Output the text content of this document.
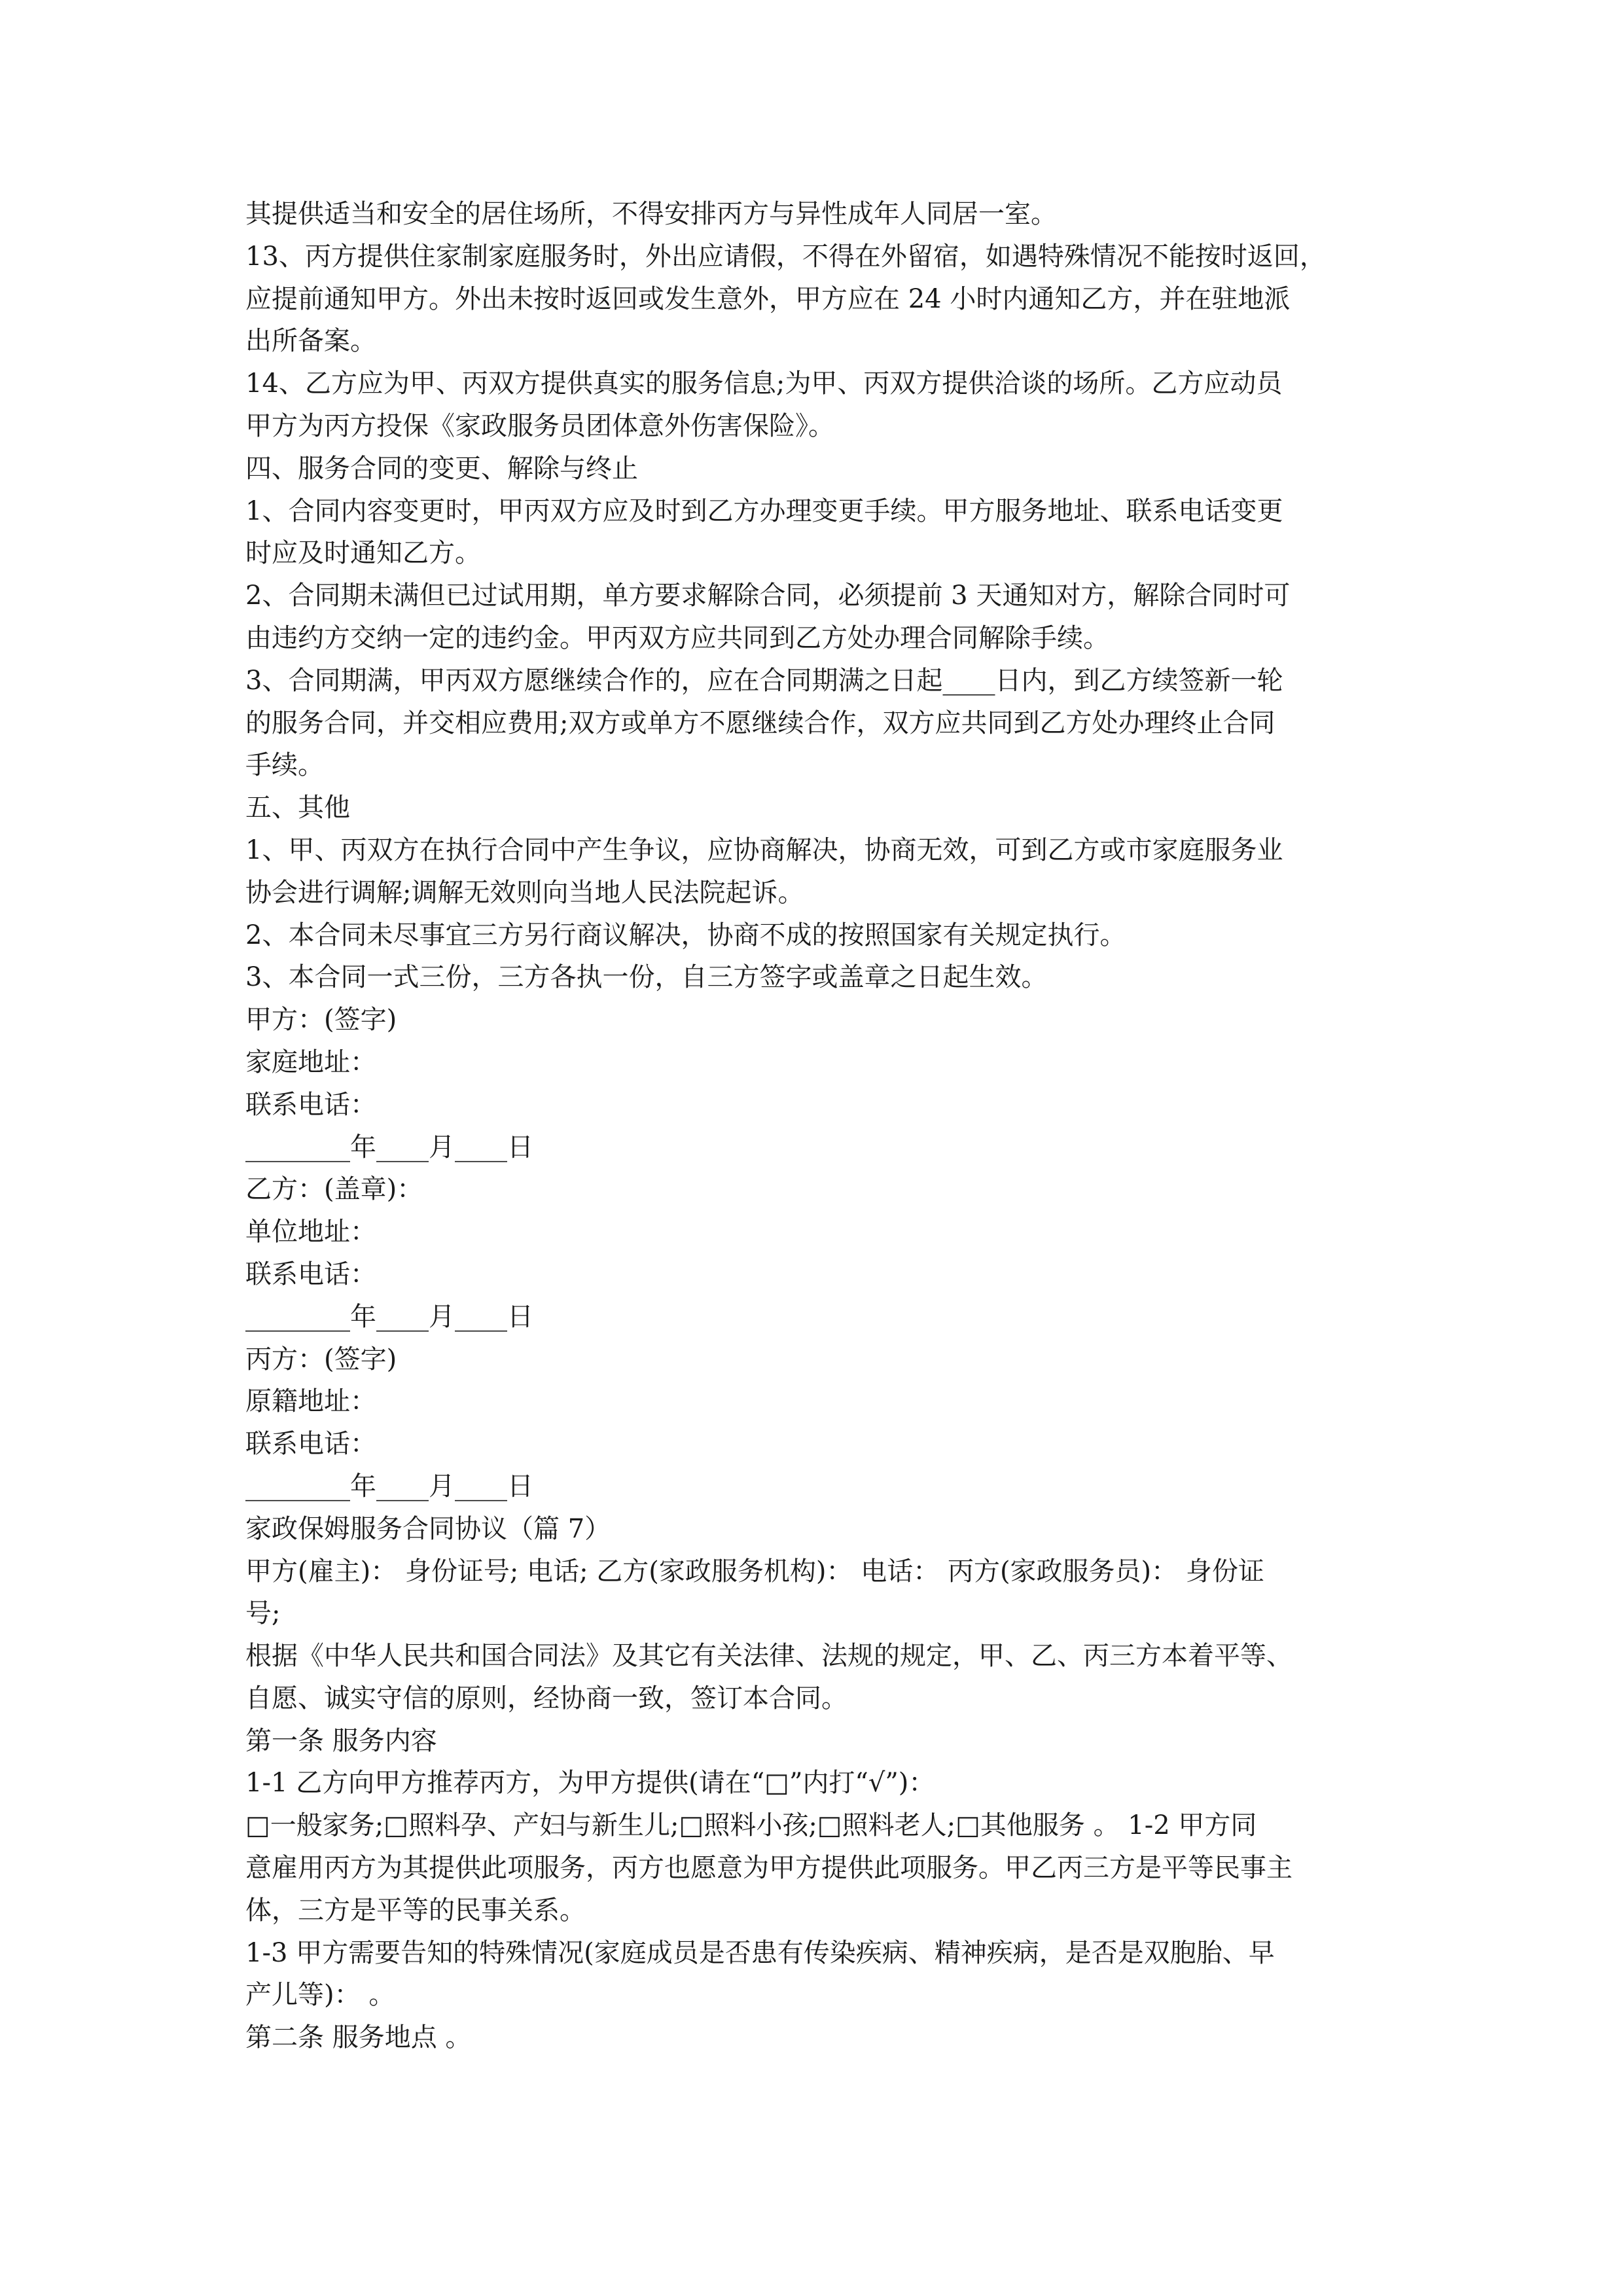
其提供适当和安全的居住场所，不得安排丙方与异性成年人同居一室。
13、丙方提供住家制家庭服务时，外出应请假，不得在外留宿，如遇特殊情况不能按时返回，
应提前通知甲方。外出未按时返回或发生意外，甲方应在 24 小时内通知乙方，并在驻地派
出所备案。
14、乙方应为甲、丙双方提供真实的服务信息;为甲、丙双方提供洽谈的场所。乙方应动员
甲方为丙方投保《家政服务员团体意外伤害保险》。
四、服务合同的变更、解除与终止
1、合同内容变更时，甲丙双方应及时到乙方办理变更手续。甲方服务地址、联系电话变更
时应及时通知乙方。
2、合同期未满但已过试用期，单方要求解除合同，必须提前 3 天通知对方，解除合同时可
由违约方交纳一定的违约金。甲丙双方应共同到乙方处办理合同解除手续。
3、合同期满，甲丙双方愿继续合作的，应在合同期满之日起____日内，到乙方续签新一轮
的服务合同，并交相应费用;双方或单方不愿继续合作，双方应共同到乙方处办理终止合同
手续。
五、其他
1、甲、丙双方在执行合同中产生争议，应协商解决，协商无效，可到乙方或市家庭服务业
协会进行调解;调解无效则向当地人民法院起诉。
2、本合同未尽事宜三方另行商议解决，协商不成的按照国家有关规定执行。
3、本合同一式三份，三方各执一份，自三方签字或盖章之日起生效。
甲方：(签字)
家庭地址：
联系电话：
________年____月____日
乙方：(盖章)：
单位地址：
联系电话：
________年____月____日
丙方：(签字)
原籍地址：
联系电话：
________年____月____日
家政保姆服务合同协议（篇 7）
甲方(雇主)： 身份证号; 电话; 乙方(家政服务机构)： 电话： 丙方(家政服务员)： 身份证
号;
根据《中华人民共和国合同法》及其它有关法律、法规的规定，甲、乙、丙三方本着平等、
自愿、诚实守信的原则，经协商一致，签订本合同。
第一条 服务内容
1-1 乙方向甲方推荐丙方，为甲方提供(请在“□”内打“√”)：
□一般家务;□照料孕、产妇与新生儿;□照料小孩;□照料老人;□其他服务 。 1-2 甲方同
意雇用丙方为其提供此项服务，丙方也愿意为甲方提供此项服务。甲乙丙三方是平等民事主
体，三方是平等的民事关系。
1-3 甲方需要告知的特殊情况(家庭成员是否患有传染疾病、精神疾病，是否是双胞胎、早
产儿等)： 。
第二条 服务地点 。
